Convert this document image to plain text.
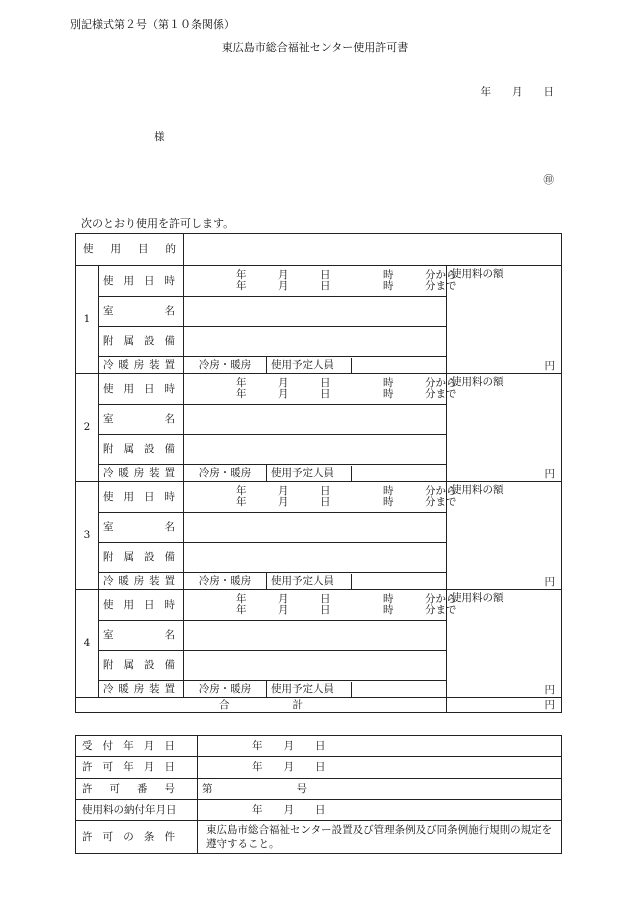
別記様式第２号（第１０条関係）
東広島市総合福祉センター使用許可書
年　　月　　日
様
㊞
次のとおり使用を許可します。
使用目的				
1	使用日時	年　　　月　　　日　　　　　時　　　分から
年　　　月　　　日　　　　　時　　　分まで		使用料の額
円

	室名			
	附属設備			
	冷暖房装置	冷房・暖房	使用予定人員	
2	使用日時	年　　　月　　　日　　　　　時　　　分から
年　　　月　　　日　　　　　時　　　分まで		使用料の額
円

	室名			
	附属設備			
	冷暖房装置	冷房・暖房	使用予定人員	
3	使用日時	年　　　月　　　日　　　　　時　　　分から
年　　　月　　　日　　　　　時　　　分まで		使用料の額
円

	室名			
	附属設備			
	冷暖房装置	冷房・暖房	使用予定人員	
4	使用日時	年　　　月　　　日　　　　　時　　　分から
年　　　月　　　日　　　　　時　　　分まで		使用料の額
円

	室名			
	附属設備			
	冷暖房装置	冷房・暖房	使用予定人員	
合　　　　　　計				円
受付年月日	年　　月　　日
許可年月日	年　　月　　日
許可番号	第 号
使用料の納付年月日	年　　月　　日
許可の条件	東広島市総合福祉センター設置及び管理条例及び同条例施行規則の規定を遵守すること。
